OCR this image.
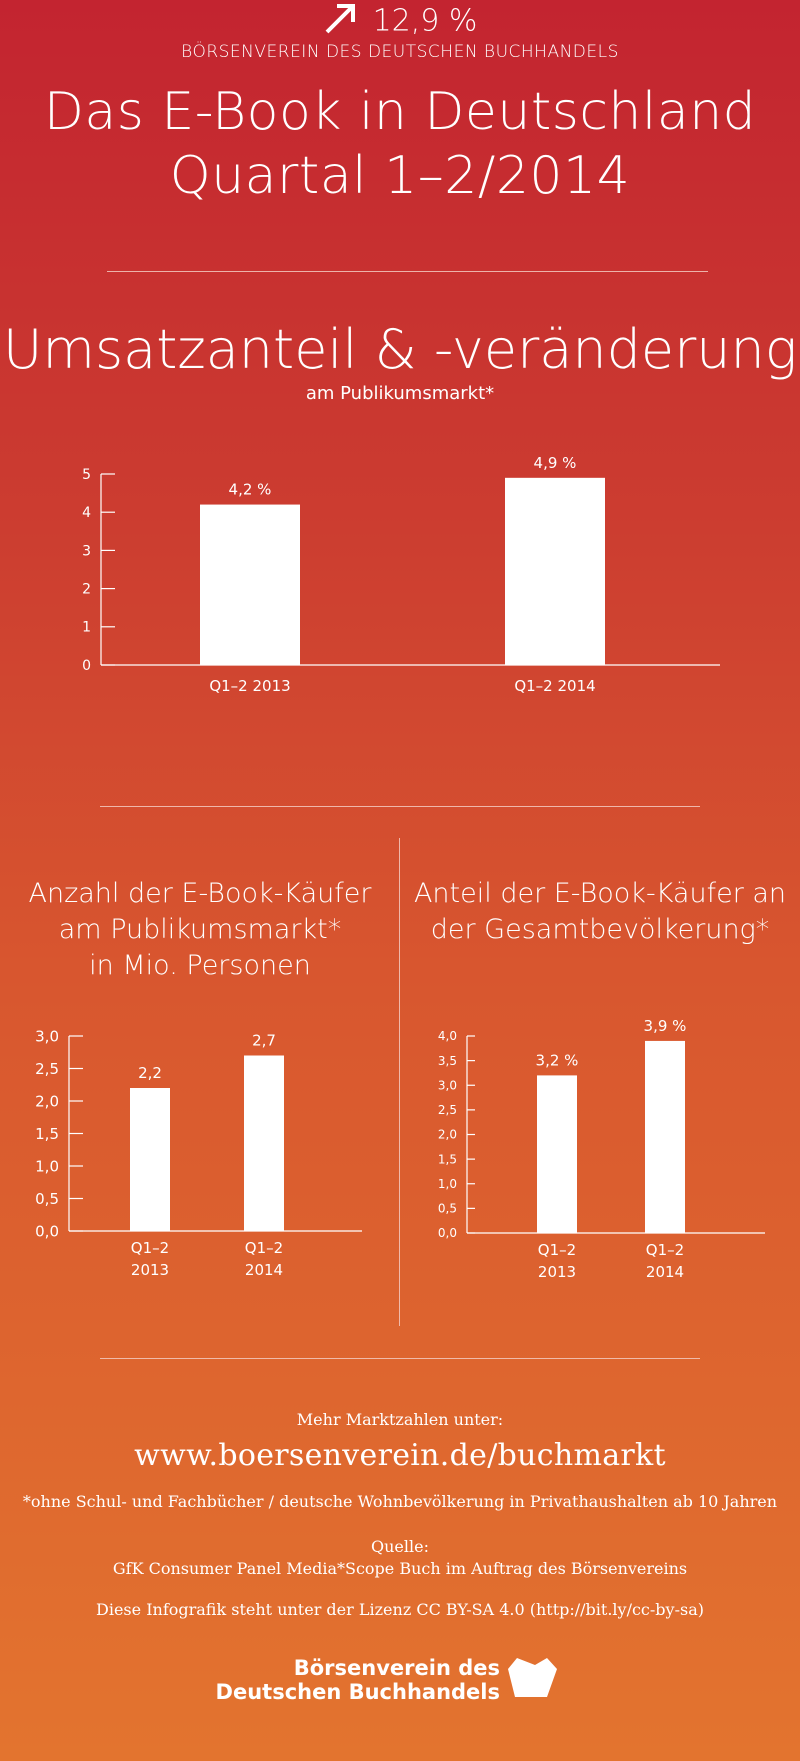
BÖRSENVEREIN DES DEUTSCHEN BUCHHANDELS
Das E-Book in Deutschland
Quartal 1–2/2014
Umsatzanteil & -veränderung
am Publikumsmarkt*
0
1
2
3
4
5
4,2 %
Q1–2 2013
4,9 %
Q1–2 2014
12,9 %
Anzahl der E-Book-Käufer
am Publikumsmarkt*
in Mio. Personen
0,0
0,5
1,0
1,5
2,0
2,5
3,0
2,2
Q1–2
2013
2,7
Q1–2
2014
Anteil der E-Book-Käufer an
der Gesamtbevölkerung*
0,0
0,5
1,0
1,5
2,0
2,5
3,0
3,5
4,0
3,2 %
Q1–2
2013
3,9 %
Q1–2
2014
Mehr Marktzahlen unter:
www.boersenverein.de/buchmarkt
*ohne Schul- und Fachbücher / deutsche Wohnbevölkerung in Privathaushalten ab 10 Jahren
Quelle:
GfK Consumer Panel Media*Scope Buch im Auftrag des Börsenvereins
Diese Infografik steht unter der Lizenz CC BY-SA 4.0 (http://bit.ly/cc-by-sa)
Börsenverein des
Deutschen Buchhandels
